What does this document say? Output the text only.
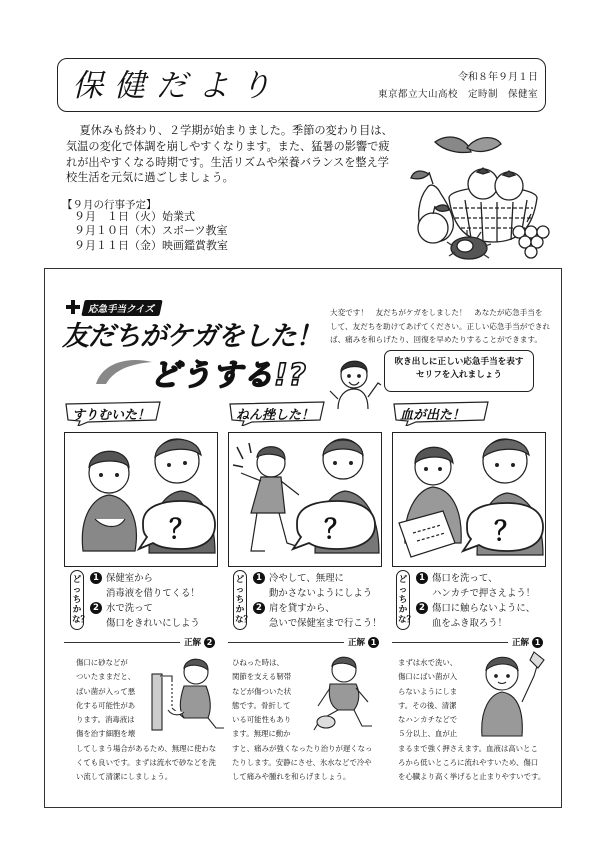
保健だより	令和８年９月１日
東京都立大山高校　定時制　保健室
夏休みも終わり、２学期が始まりました。季節の変わり目は、気温の変化で体調を崩しやすくなります。また、猛暑の影響で疲れが出やすくなる時期です。生活リズムや栄養バランスを整え学校生活を元気に過ごしましょう。
【９月の行事予定】
９月　１日（火）始業式
９月１０日（木）スポーツ教室
９月１１日（金）映画鑑賞教室
応急手当クイズ
友だちがケガをした！
どうする!?
大変です！　友だちがケガをしました！　あなたが応急手当を
して、友だちを助けてあげてください。正しい応急手当ができれ
ば、痛みを和らげたり、回復を早めたりすることができます。
吹き出しに正しい応急手当を表す
セリフを入れましょう
すりむいた！	ねん挫した！	血が出た！
？	？	？
どっちかな？
1 保健室から
消毒液を借りてくる！
2 水で洗って
傷口をきれいにしよう
どっちかな？
1 冷やして、無理に
動かさないようにしよう
2 肩を貸すから、
急いで保健室まで行こう！
どっちかな？
1 傷口を洗って、
ハンカチで押さえよう！
2 傷口に触らないように、
血をふき取ろう！
正解 2	正解 1	正解 1
傷口に砂などが
ついたままだと、
ばい菌が入って悪
化する可能性があ
ります。消毒液は
傷を治す細胞を壊
してしまう場合があるため、無理に使わな
くても良いです。まずは流水で砂などを洗
い流して清潔にしましょう。
ひねった時は、
関節を支える靭帯
などが傷ついた状
態です。骨折して
いる可能性もあり
ます。無理に動か
すと、痛みが強くなったり治りが遅くなっ
たりします。安静にさせ、氷水などで冷や
して痛みや腫れを和らげましょう。
まずは水で洗い、
傷口にばい菌が入
らないようにしま
す。その後、清潔
なハンカチなどで
５分以上、血が止
まるまで強く押さえます。血液は高いとこ
ろから低いところに流れやすいため、傷口
を心臓より高く挙げると止まりやすいです。
